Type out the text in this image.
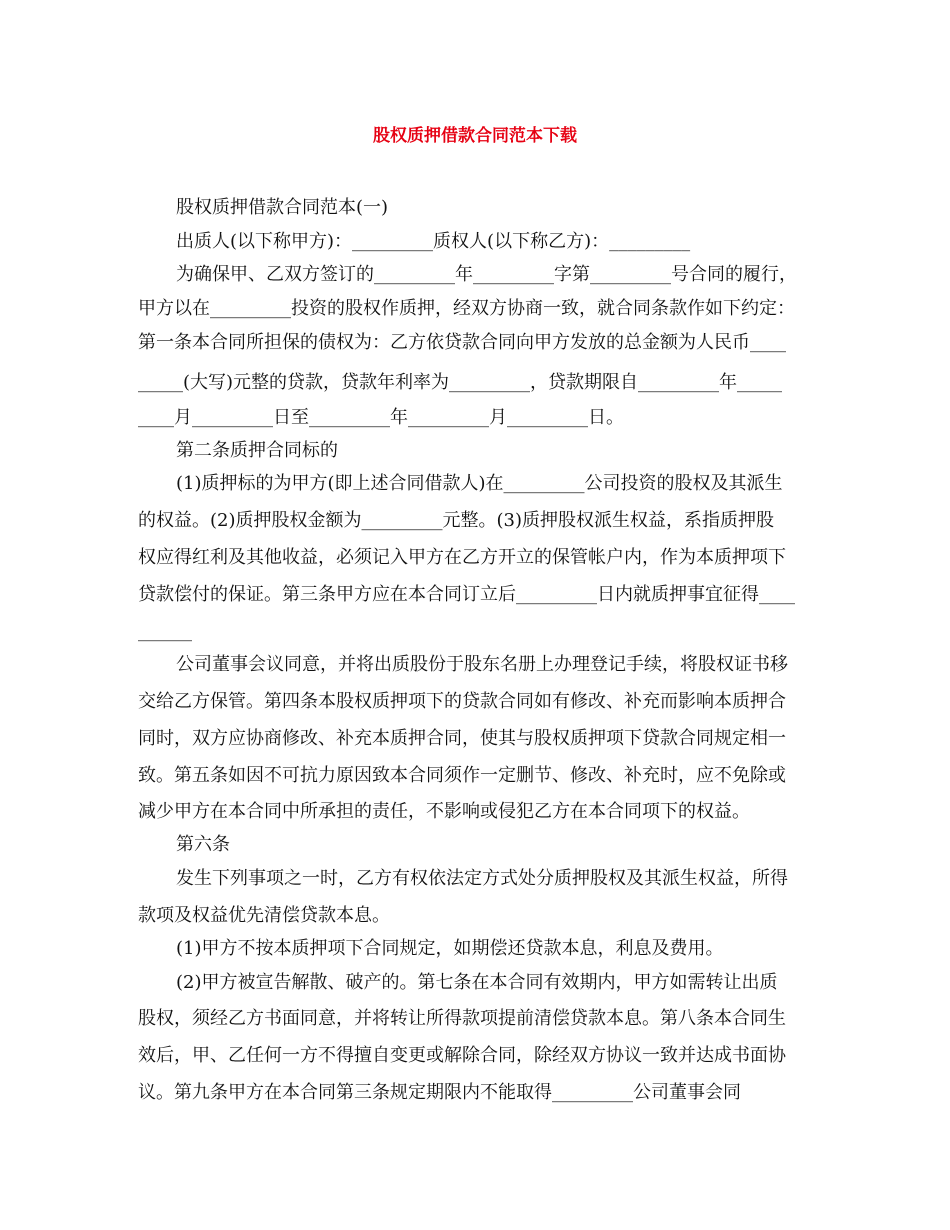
股权质押借款合同范本下载
股权质押借款合同范本(一)
出质人(以下称甲方)：_________质权人(以下称乙方)：_________
为确保甲、乙双方签订的_________年_________字第_________号合同的履行，
甲方以在_________投资的股权作质押，经双方协商一致，就合同条款作如下约定：
第一条本合同所担保的债权为：乙方依贷款合同向甲方发放的总金额为人民币____
_____(大写)元整的贷款，贷款年利率为_________，贷款期限自_________年_____
____月_________日至_________年_________月_________日。
第二条质押合同标的
(1)质押标的为甲方(即上述合同借款人)在_________公司投资的股权及其派生
的权益。(2)质押股权金额为_________元整。(3)质押股权派生权益，系指质押股
权应得红利及其他收益，必须记入甲方在乙方开立的保管帐户内，作为本质押项下
贷款偿付的保证。第三条甲方应在本合同订立后_________日内就质押事宜征得____
______
公司董事会议同意，并将出质股份于股东名册上办理登记手续，将股权证书移
交给乙方保管。第四条本股权质押项下的贷款合同如有修改、补充而影响本质押合
同时，双方应协商修改、补充本质押合同，使其与股权质押项下贷款合同规定相一
致。第五条如因不可抗力原因致本合同须作一定删节、修改、补充时，应不免除或
减少甲方在本合同中所承担的责任，不影响或侵犯乙方在本合同项下的权益。
第六条
发生下列事项之一时，乙方有权依法定方式处分质押股权及其派生权益，所得
款项及权益优先清偿贷款本息。
(1)甲方不按本质押项下合同规定，如期偿还贷款本息，利息及费用。
(2)甲方被宣告解散、破产的。第七条在本合同有效期内，甲方如需转让出质
股权，须经乙方书面同意，并将转让所得款项提前清偿贷款本息。第八条本合同生
效后，甲、乙任何一方不得擅自变更或解除合同，除经双方协议一致并达成书面协
议。第九条甲方在本合同第三条规定期限内不能取得_________公司董事会同
